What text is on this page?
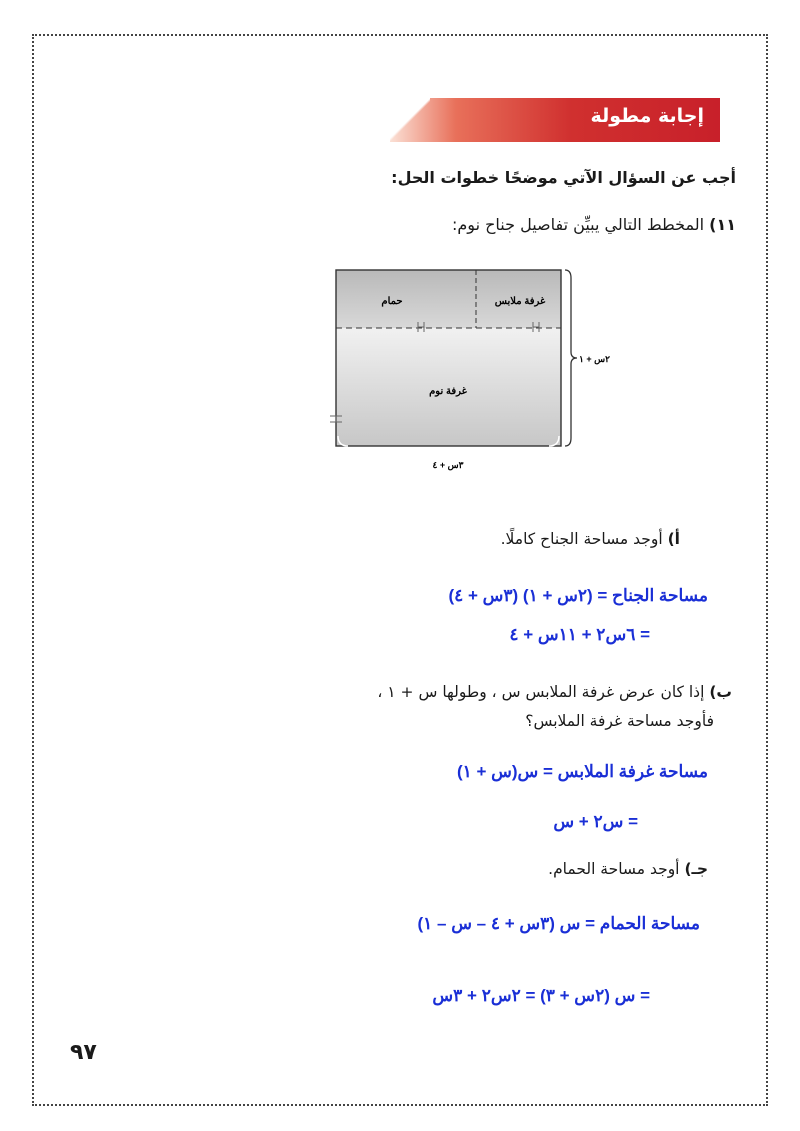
إجابة مطولة
أجب عن السؤال الآتي موضحًا خطوات الحل:
١١) المخطط التالي يبيِّن تفاصيل جناح نوم:
حمام	غرفة ملابس
غرفة نوم
٢س + ١
٣س + ٤
أ) أوجد مساحة الجناح كاملًا.
مساحة الجناح = (٢س + ١) (٣س + ٤)
= ٦س٢ + ١١س + ٤
ب) إذا كان عرض غرفة الملابس س ، وطولها س + ١ ،
فأوجد مساحة غرفة الملابس؟
مساحة غرفة الملابس = س(س + ١)
= س٢ + س
جـ) أوجد مساحة الحمام.
مساحة الحمام = س (٣س + ٤ – س – ١)
= س (٢س + ٣) = ٢س٢ + ٣س
٩٧
